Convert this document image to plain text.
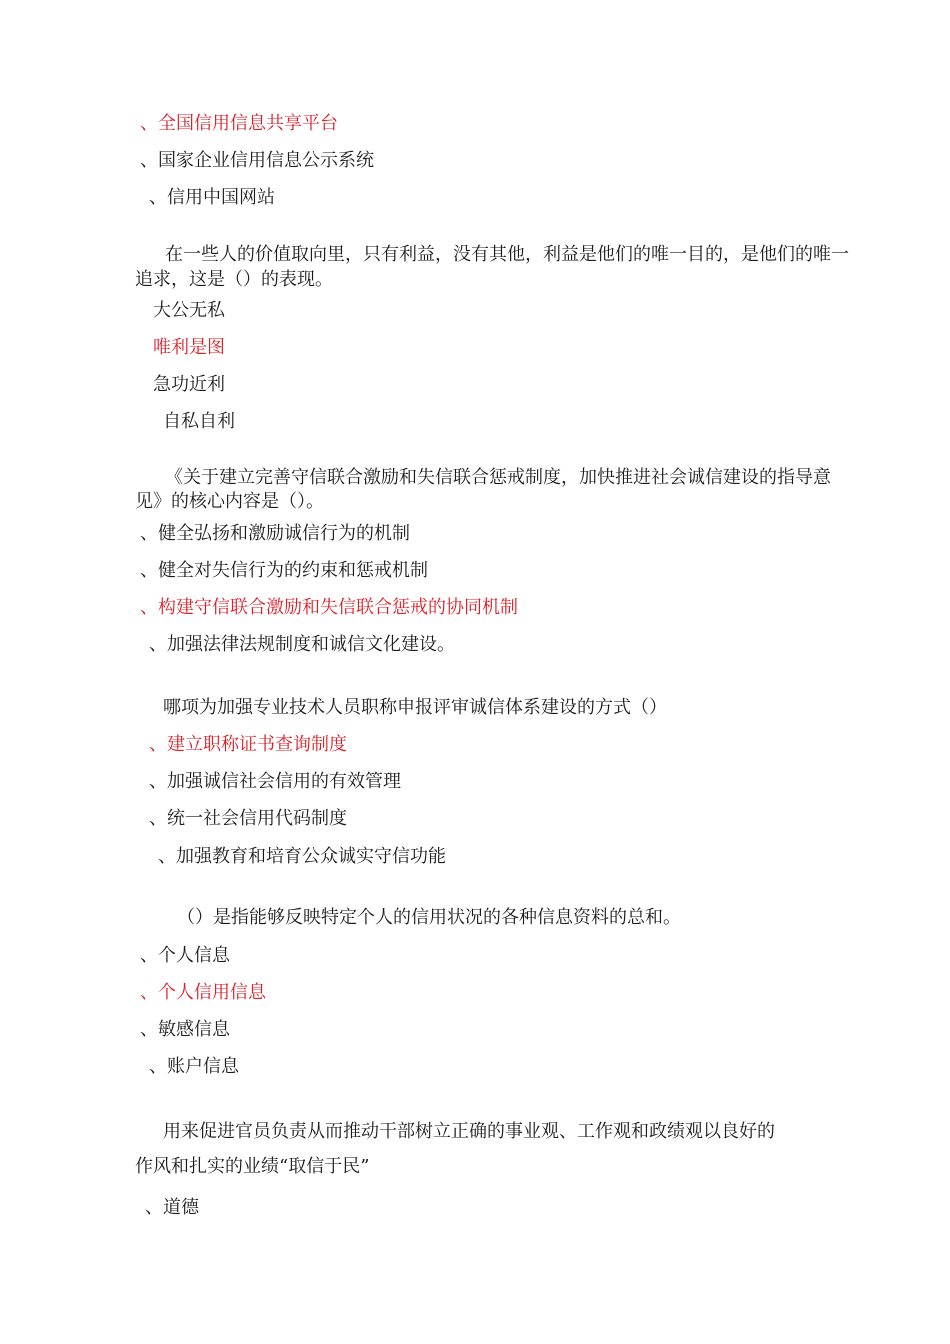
、全国信用信息共享平台
、国家企业信用信息公示系统
、信用中国网站
在一些人的价值取向里，只有利益，没有其他，利益是他们的唯一目的，是他们的唯一
追求，这是（）的表现。
大公无私
唯利是图
急功近利
自私自利
《关于建立完善守信联合激励和失信联合惩戒制度，加快推进社会诚信建设的指导意
见》的核心内容是（）。
、健全弘扬和激励诚信行为的机制
、健全对失信行为的约束和惩戒机制
、构建守信联合激励和失信联合惩戒的协同机制
、加强法律法规制度和诚信文化建设。
哪项为加强专业技术人员职称申报评审诚信体系建设的方式（）
、建立职称证书查询制度
、加强诚信社会信用的有效管理
、统一社会信用代码制度
、加强教育和培育公众诚实守信功能
（）是指能够反映特定个人的信用状况的各种信息资料的总和。
、个人信息
、个人信用信息
、敏感信息
、账户信息
用来促进官员负责从而推动干部树立正确的事业观、工作观和政绩观以良好的
作风和扎实的业绩“取信于民”
、道德
